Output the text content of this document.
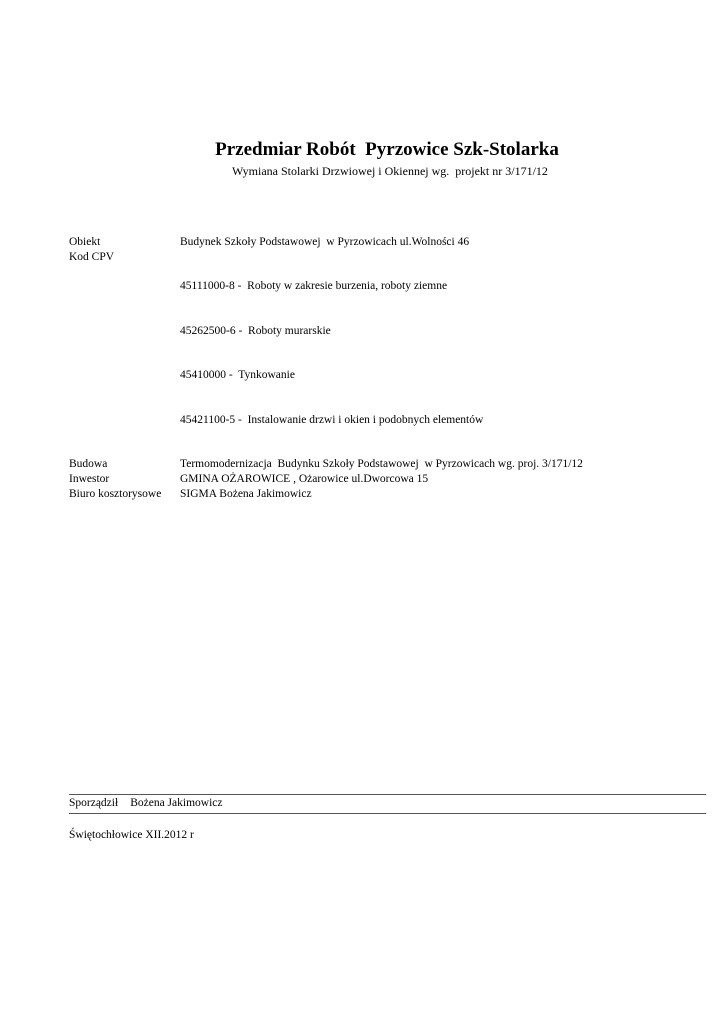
Przedmiar Robót  Pyrzowice Szk-Stolarka
Wymiana Stolarki Drzwiowej i Okiennej wg.  projekt nr 3/171/12
Obiekt	Budynek Szkoły Podstawowej  w Pyrzowicach ul.Wolności 46
Kod CPV

45111000-8 -  Roboty w zakresie burzenia, roboty ziemne

45262500-6 -  Roboty murarskie

45410000 -  Tynkowanie

45421100-5 -  Instalowanie drzwi i okien i podobnych elementów

Budowa	Termomodernizacja  Budynku Szkoły Podstawowej  w Pyrzowicach wg. proj. 3/171/12
Inwestor	GMINA OŻAROWICE , Ożarowice ul.Dworcowa 15
Biuro kosztorysowe	SIGMA Bożena Jakimowicz
Sporządził Bożena Jakimowicz
Świętochłowice XII.2012 r
